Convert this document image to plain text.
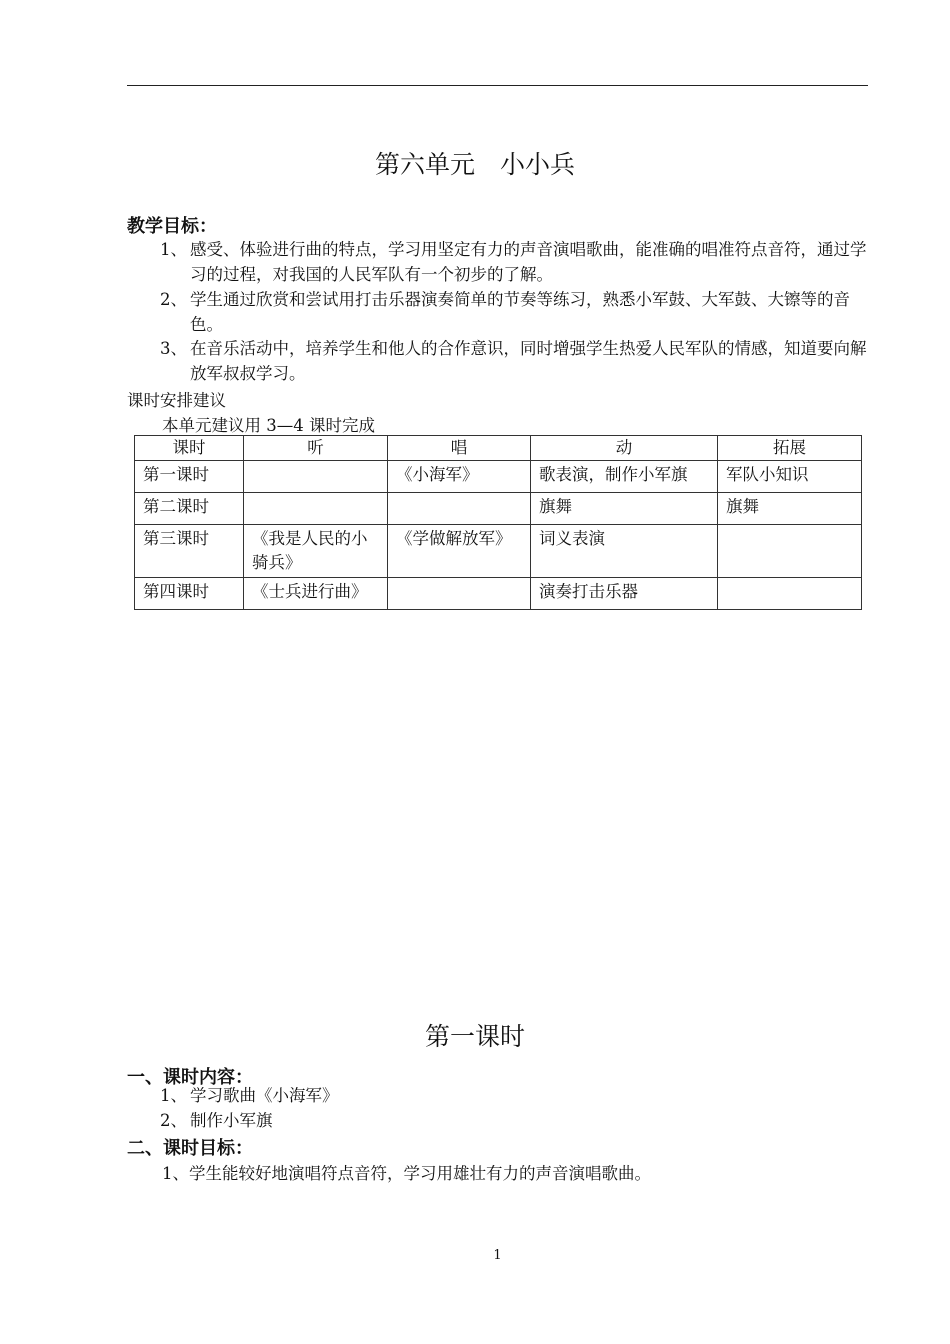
第六单元　小小兵
教学目标：
1、 感受、体验进行曲的特点，学习用坚定有力的声音演唱歌曲，能准确的唱准符点音符，通过学习的过程，对我国的人民军队有一个初步的了解。
2、 学生通过欣赏和尝试用打击乐器演奏简单的节奏等练习，熟悉小军鼓、大军鼓、大镲等的音色。
3、 在音乐活动中，培养学生和他人的合作意识，同时增强学生热爱人民军队的情感，知道要向解放军叔叔学习。
课时安排建议
本单元建议用 3—4 课时完成
课时	听	唱	动	拓展
第一课时		《小海军》	歌表演，制作小军旗	军队小知识
第二课时			旗舞	旗舞
第三课时	《我是人民的小骑兵》	《学做解放军》	词义表演	
第四课时	《士兵进行曲》		演奏打击乐器	
第一课时
一、课时内容：
1、 学习歌曲《小海军》
2、 制作小军旗
二、课时目标：
1、学生能较好地演唱符点音符，学习用雄壮有力的声音演唱歌曲。
1
